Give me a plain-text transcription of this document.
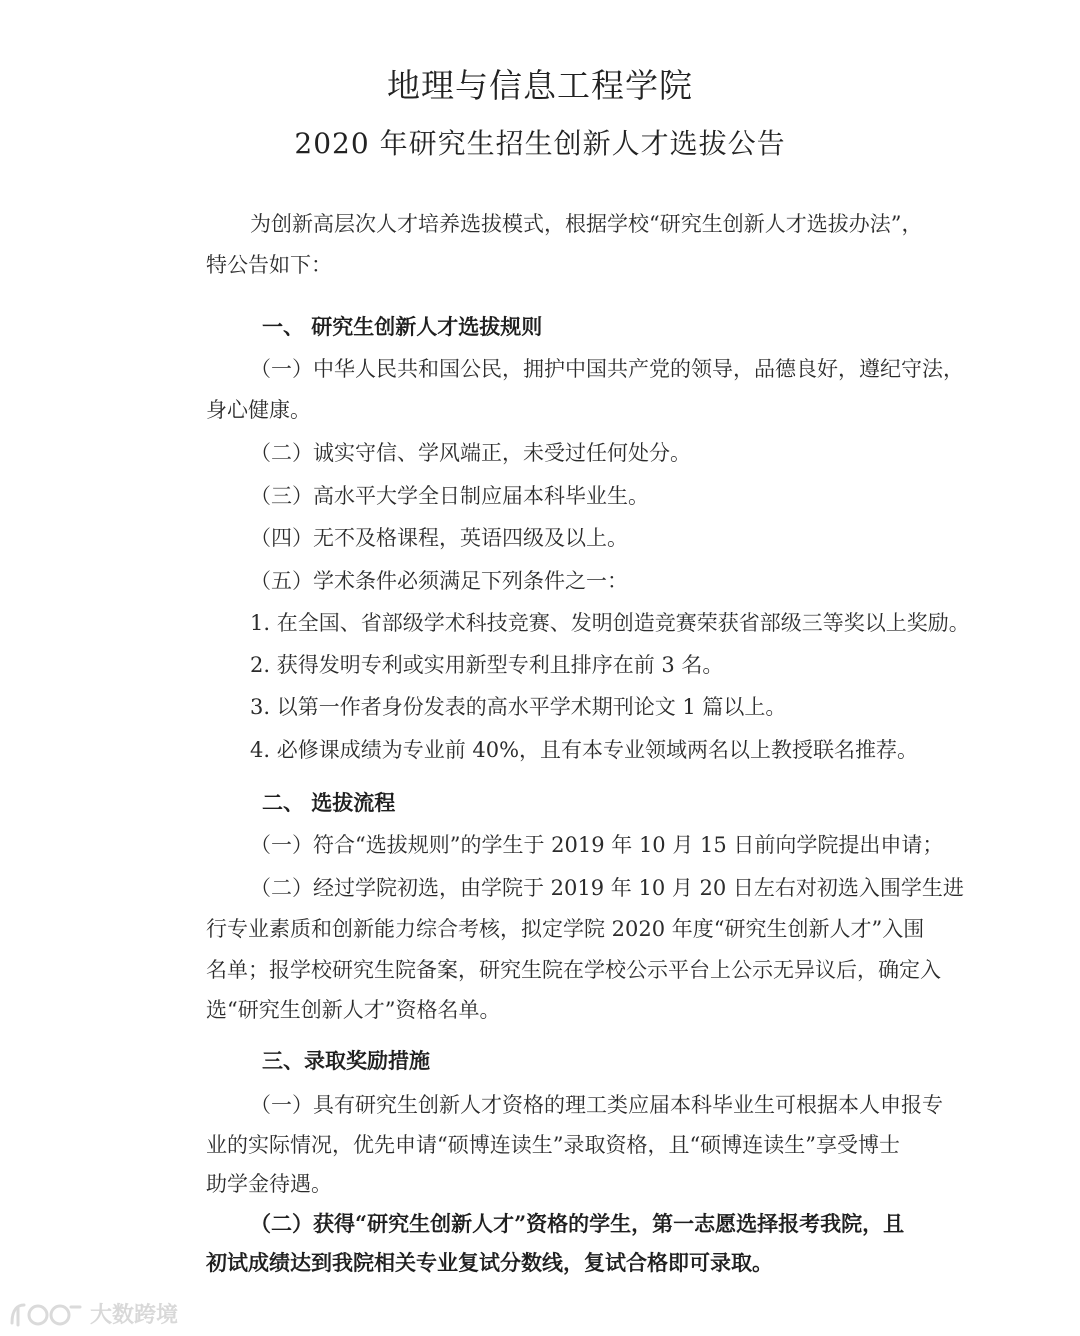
地理与信息工程学院
2020 年研究生招生创新人才选拔公告
为创新高层次人才培养选拔模式，根据学校“研究生创新人才选拔办法”，
特公告如下：
一、 研究生创新人才选拔规则
（一）中华人民共和国公民，拥护中国共产党的领导，品德良好，遵纪守法，
身心健康。
（二）诚实守信、学风端正，未受过任何处分。
（三）高水平大学全日制应届本科毕业生。
（四）无不及格课程，英语四级及以上。
（五）学术条件必须满足下列条件之一：
1. 在全国、省部级学术科技竞赛、发明创造竞赛荣获省部级三等奖以上奖励。
2. 获得发明专利或实用新型专利且排序在前 3 名。
3. 以第一作者身份发表的高水平学术期刊论文 1 篇以上。
4. 必修课成绩为专业前 40%，且有本专业领域两名以上教授联名推荐。
二、 选拔流程
（一）符合“选拔规则”的学生于 2019 年 10 月 15 日前向学院提出申请；
（二）经过学院初选，由学院于 2019 年 10 月 20 日左右对初选入围学生进
行专业素质和创新能力综合考核，拟定学院 2020 年度“研究生创新人才”入围
名单；报学校研究生院备案，研究生院在学校公示平台上公示无异议后，确定入
选“研究生创新人才”资格名单。
三、录取奖励措施
（一）具有研究生创新人才资格的理工类应届本科毕业生可根据本人申报专
业的实际情况，优先申请“硕博连读生”录取资格，且“硕博连读生”享受博士
助学金待遇。
（二）获得“研究生创新人才”资格的学生，第一志愿选择报考我院，且
初试成绩达到我院相关专业复试分数线，复试合格即可录取。
大数跨境
